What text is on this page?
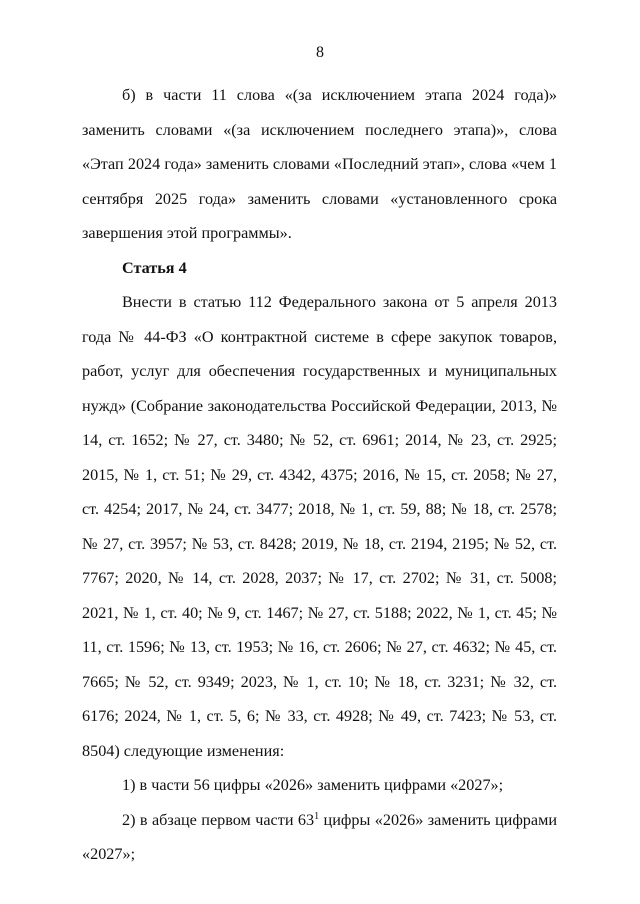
8

б) в части 11 слова «(за исключением этапа 2024 года)» заменить словами «(за исключением последнего этапа)», слова «Этап 2024 года» заменить словами «Последний этап», слова «чем 1 сентября 2025 года» заменить словами «установленного срока завершения этой программы».

Статья 4

Внести в статью 112 Федерального закона от 5 апреля 2013 года № 44-ФЗ «О контрактной системе в сфере закупок товаров, работ, услуг для обеспечения государственных и муниципальных нужд» (Собрание законодательства Российской Федерации, 2013, № 14, ст. 1652; № 27, ст. 3480; № 52, ст. 6961; 2014, № 23, ст. 2925; 2015, № 1, ст. 51; № 29, ст. 4342, 4375; 2016, № 15, ст. 2058; № 27, ст. 4254; 2017, № 24, ст. 3477; 2018, № 1, ст. 59, 88; № 18, ст. 2578; № 27, ст. 3957; № 53, ст. 8428; 2019, № 18, ст. 2194, 2195; № 52, ст. 7767; 2020, № 14, ст. 2028, 2037; № 17, ст. 2702; № 31, ст. 5008; 2021, № 1, ст. 40; № 9, ст. 1467; № 27, ст. 5188; 2022, № 1, ст. 45; № 11, ст. 1596; № 13, ст. 1953; № 16, ст. 2606; № 27, ст. 4632; № 45, ст. 7665; № 52, ст. 9349; 2023, № 1, ст. 10; № 18, ст. 3231; № 32, ст. 6176; 2024, № 1, ст. 5, 6; № 33, ст. 4928; № 49, ст. 7423; № 53, ст. 8504) следующие изменения:

1) в части 56 цифры «2026» заменить цифрами «2027»;

2) в абзаце первом части $63^1$ цифры «2026» заменить цифрами «2027»;
